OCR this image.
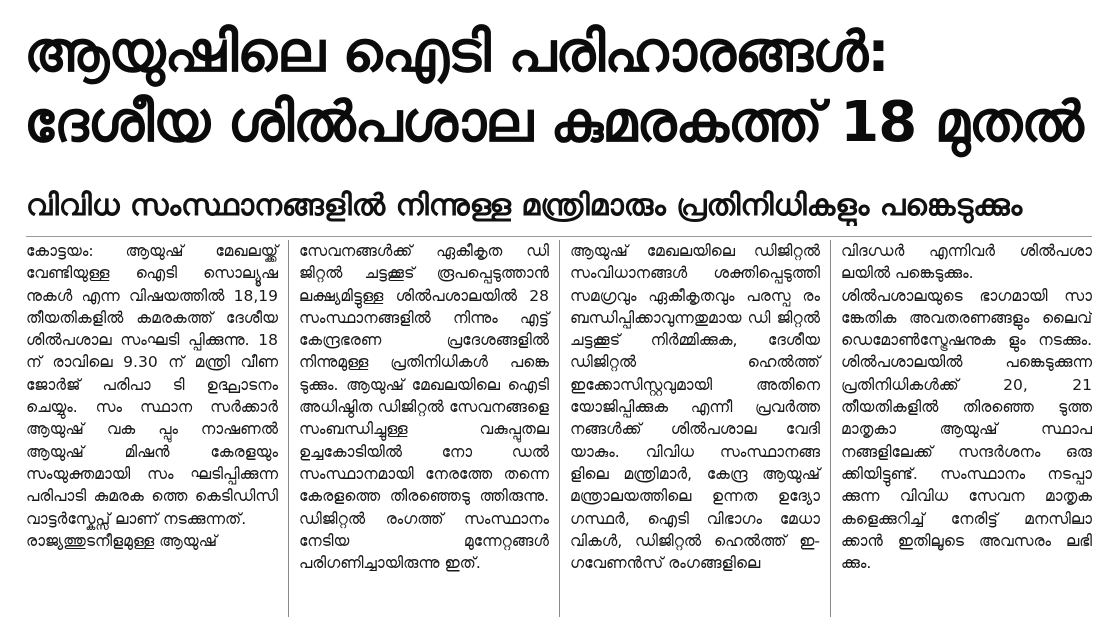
ആയുഷിലെ ഐടി പരിഹാരങ്ങൾ:
ദേശീയ ശിൽപശാല കുമരകത്ത് 18 മുതൽ
വിവിധ സംസ്ഥാനങ്ങളിൽ നിന്നുള്ള മന്ത്രിമാരും പ്രതിനിധികളും പങ്കെടുക്കും

കോട്ടയം: ആയുഷ് മേഖലയ്ക്ക് വേണ്ടിയുള്ള ഐടി സൊല്യൂഷ നുകൾ എന്ന വിഷയത്തിൽ 18,19 തീയതികളിൽ കമരകത്ത് ദേശീയ ശിൽപശാല സംഘടി പ്പിക്കുന്നു. 18 ന് രാവിലെ 9.30 ന് മന്ത്രി വീണ ജോർജ് പരിപാ ടി ഉദ്ഘാടനം ചെയ്യും. സം സ്ഥാന സർക്കാർ ആയുഷ് വക പ്പും നാഷണൽ ആയുഷ് മിഷൻ കേരളയും സംയുക്തമായി സം ഘടിപ്പിക്കുന്ന പരിപാടി കുമരക ത്തെ കെടിഡിസി വാട്ടർസ്കേപ്സ് ലാണ് നടക്കുന്നത്.

രാജ്യത്തുടനീളമുള്ള ആയുഷ്

സേവനങ്ങൾക്ക് ഏകീകൃത ഡി ജിറ്റൽ ചട്ടക്കൂട് രൂപപ്പെടുത്താൻ ലക്ഷ്യമിട്ടുള്ള ശിൽപശാലയിൽ 28 സംസ്ഥാനങ്ങളിൽ നിന്നും എട്ട് കേന്ദ്രഭരണ പ്രദേശങ്ങളിൽ നിന്നുമുള്ള പ്രതിനിധികൾ പങ്കെ ടുക്കും. ആയുഷ് മേഖലയിലെ ഐടി അധിഷ്ഠിത ഡിജിറ്റൽ സേവനങ്ങളെ സംബന്ധിച്ചുള്ള വകുപ്പുതല ഉച്ചകോടിയിൽ നോ ഡൽ സംസ്ഥാനമായി നേരത്തേ തന്നെ കേരളത്തെ തിരഞ്ഞെടു ത്തിരുന്നു. ഡിജിറ്റൽ രംഗത്ത് സംസ്ഥാനം നേടിയ മുന്നേറ്റങ്ങൾ പരിഗണിച്ചായിരുന്നു ഇത്.

ആയുഷ് മേഖലയിലെ ഡിജിറ്റൽ സംവിധാനങ്ങൾ ശക്തിപ്പെടുത്തി സമഗ്രവും ഏകീകൃതവും പരസ്പ രം ബന്ധിപ്പിക്കാവുന്നതുമായ ഡി ജിറ്റൽ ചട്ടക്കൂട് നിർമ്മിക്കുക, ദേശീയ ഡിജിറ്റൽ ഹെൽത്ത് ഇക്കോസിസ്റ്റവുമായി അതിനെ യോജിപ്പിക്കുക എന്നീ പ്രവർത്ത നങ്ങൾക്ക് ശിൽപശാല വേദി യാകും. വിവിധ സംസ്ഥാനങ്ങ ളിലെ മന്ത്രിമാർ, കേന്ദ്ര ആയുഷ് മന്ത്രാലയത്തിലെ ഉന്നത ഉദ്യോ ഗസ്ഥർ, ഐടി വിഭാഗം മേധാ വികൾ, ഡിജിറ്റൽ ഹെൽത്ത് ഇ-ഗവേണൻസ് രംഗങ്ങളിലെ

വിദഗ്ധർ എന്നിവർ ശിൽപശാ ലയിൽ പങ്കെടുക്കും.

ശിൽപശാലയുടെ ഭാഗമായി സാ ങ്കേതിക അവതരണങ്ങളും ലൈവ് ഡെമോൺസ്ട്രേഷനുക ളും നടക്കും. ശിൽപശാലയിൽ പങ്കെടുക്കുന്ന പ്രതിനിധികൾക്ക് 20, 21 തീയതികളിൽ തിരഞ്ഞെ ടുത്ത മാതൃകാ ആയുഷ് സ്ഥാപ നങ്ങളിലേക്ക് സന്ദർശനം ഒരു ക്കിയിട്ടുണ്ട്. സംസ്ഥാനം നടപ്പാ ക്കുന്ന വിവിധ സേവന മാതൃക കളെക്കുറിച്ച് നേരിട്ട് മനസിലാ ക്കാൻ ഇതിലൂടെ അവസരം ലഭി ക്കും.
